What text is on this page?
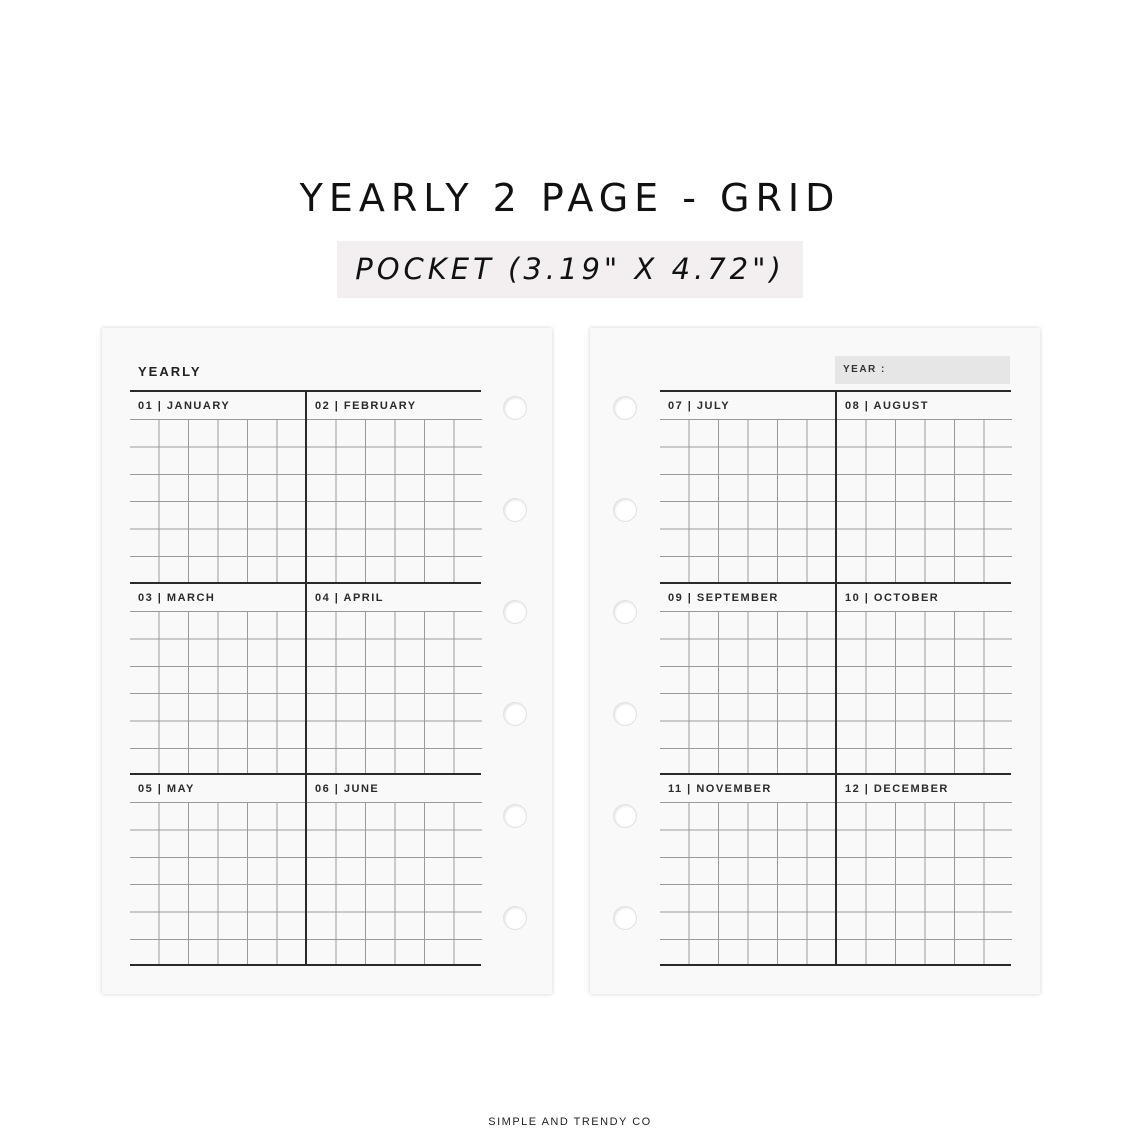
YEARLY 2 PAGE - GRID
POCKET (3.19" X 4.72")
YEARLY
01 | JANUARY	02 | FEBRUARY
03 | MARCH	04 | APRIL
05 | MAY	06 | JUNE
YEAR :
07 | JULY	08 | AUGUST
09 | SEPTEMBER	10 | OCTOBER
11 | NOVEMBER	12 | DECEMBER
SIMPLE AND TRENDY CO
